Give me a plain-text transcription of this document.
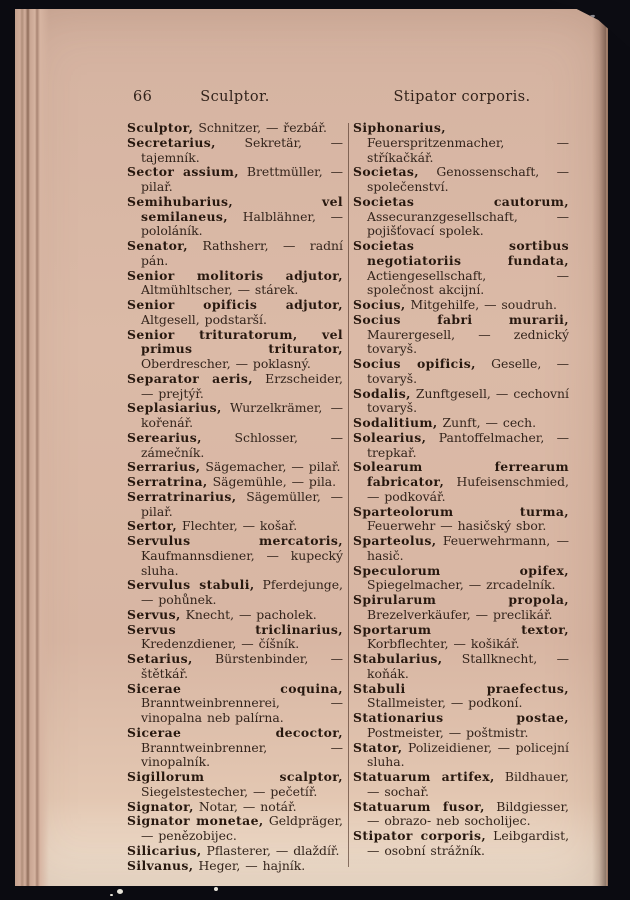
66	Sculptor.	Stipator corporis.

Sculptor, Schnitzer, — řezbář.

Secretarius, Sekretär, — tajemník.

Sector assium, Brettmüller, — pilař.

Semihubarius, vel semilaneus, Halblähner, — pololáník.

Senator, Rathsherr, — radní pán.

Senior molitoris adjutor, Altmühltscher, — stárek.

Senior opificis adjutor, Altgesell, podstarší.

Senior trituratorum, vel primus triturator, Oberdrescher, — poklasný.

Separator aeris, Erzscheider, — prejtýř.

Seplasiarius, Wurzelkrämer, — kořenář.

Serearius, Schlosser, — zámečník.

Serrarius, Sägemacher, — pilař.

Serratrina, Sägemühle, — pila.

Serratrinarius, Sägemüller, — pilař.

Sertor, Flechter, — košař.

Servulus mercatoris, Kaufmannsdiener, — kupecký sluha.

Servulus stabuli, Pferdejunge, — pohůnek.

Servus, Knecht, — pacholek.

Servus triclinarius, Kredenzdiener, — číšník.

Setarius, Bürstenbinder, — štětkář.

Sicerae coquina, Branntweinbrennerei, — vinopalna neb palírna.

Sicerae decoctor, Branntweinbrenner, — vinopalník.

Sigillorum scalptor, Siegelstestecher, — pečetíř.

Signator, Notar, — notář.

Signator monetae, Geldpräger, — penězobijec.

Silicarius, Pflasterer, — dlaždíř.

Silvanus, Heger, — hajník.

Siphonarius, Feuerspritzenmacher, — stříkačkář.

Societas, Genossenschaft, — společenství.

Societas cautorum, Assecuranzgesellschaft, — pojišťovací spolek.

Societas sortibus negotiatoriis fundata, Actiengesellschaft, — společnost akcijní.

Socius, Mitgehilfe, — soudruh.

Socius fabri murarii, Maurergesell, — zednický tovaryš.

Socius opificis, Geselle, — tovaryš.

Sodalis, Zunftgesell, — cechovní tovaryš.

Sodalitium, Zunft, — cech.

Solearius, Pantoffelmacher, — trepkař.

Solearum ferrearum fabricator, Hufeisenschmied, — podkovář.

Sparteolorum turma, Feuerwehr — hasičský sbor.

Sparteolus, Feuerwehrmann, — hasič.

Speculorum opifex, Spiegelmacher, — zrcadelník.

Spirularum propola, Brezelverkäufer, — preclikář.

Sportarum textor, Korbflechter, — košikář.

Stabularius, Stallknecht, — koňák.

Stabuli praefectus, Stallmeister, — podkoní.

Stationarius postae, Postmeister, — poštmistr.

Stator, Polizeidiener, — policejní sluha.

Statuarum artifex, Bildhauer, — sochař.

Statuarum fusor, Bildgiesser, — obrazo- neb socholijec.

Stipator corporis, Leibgardist, — osobní strážník.
